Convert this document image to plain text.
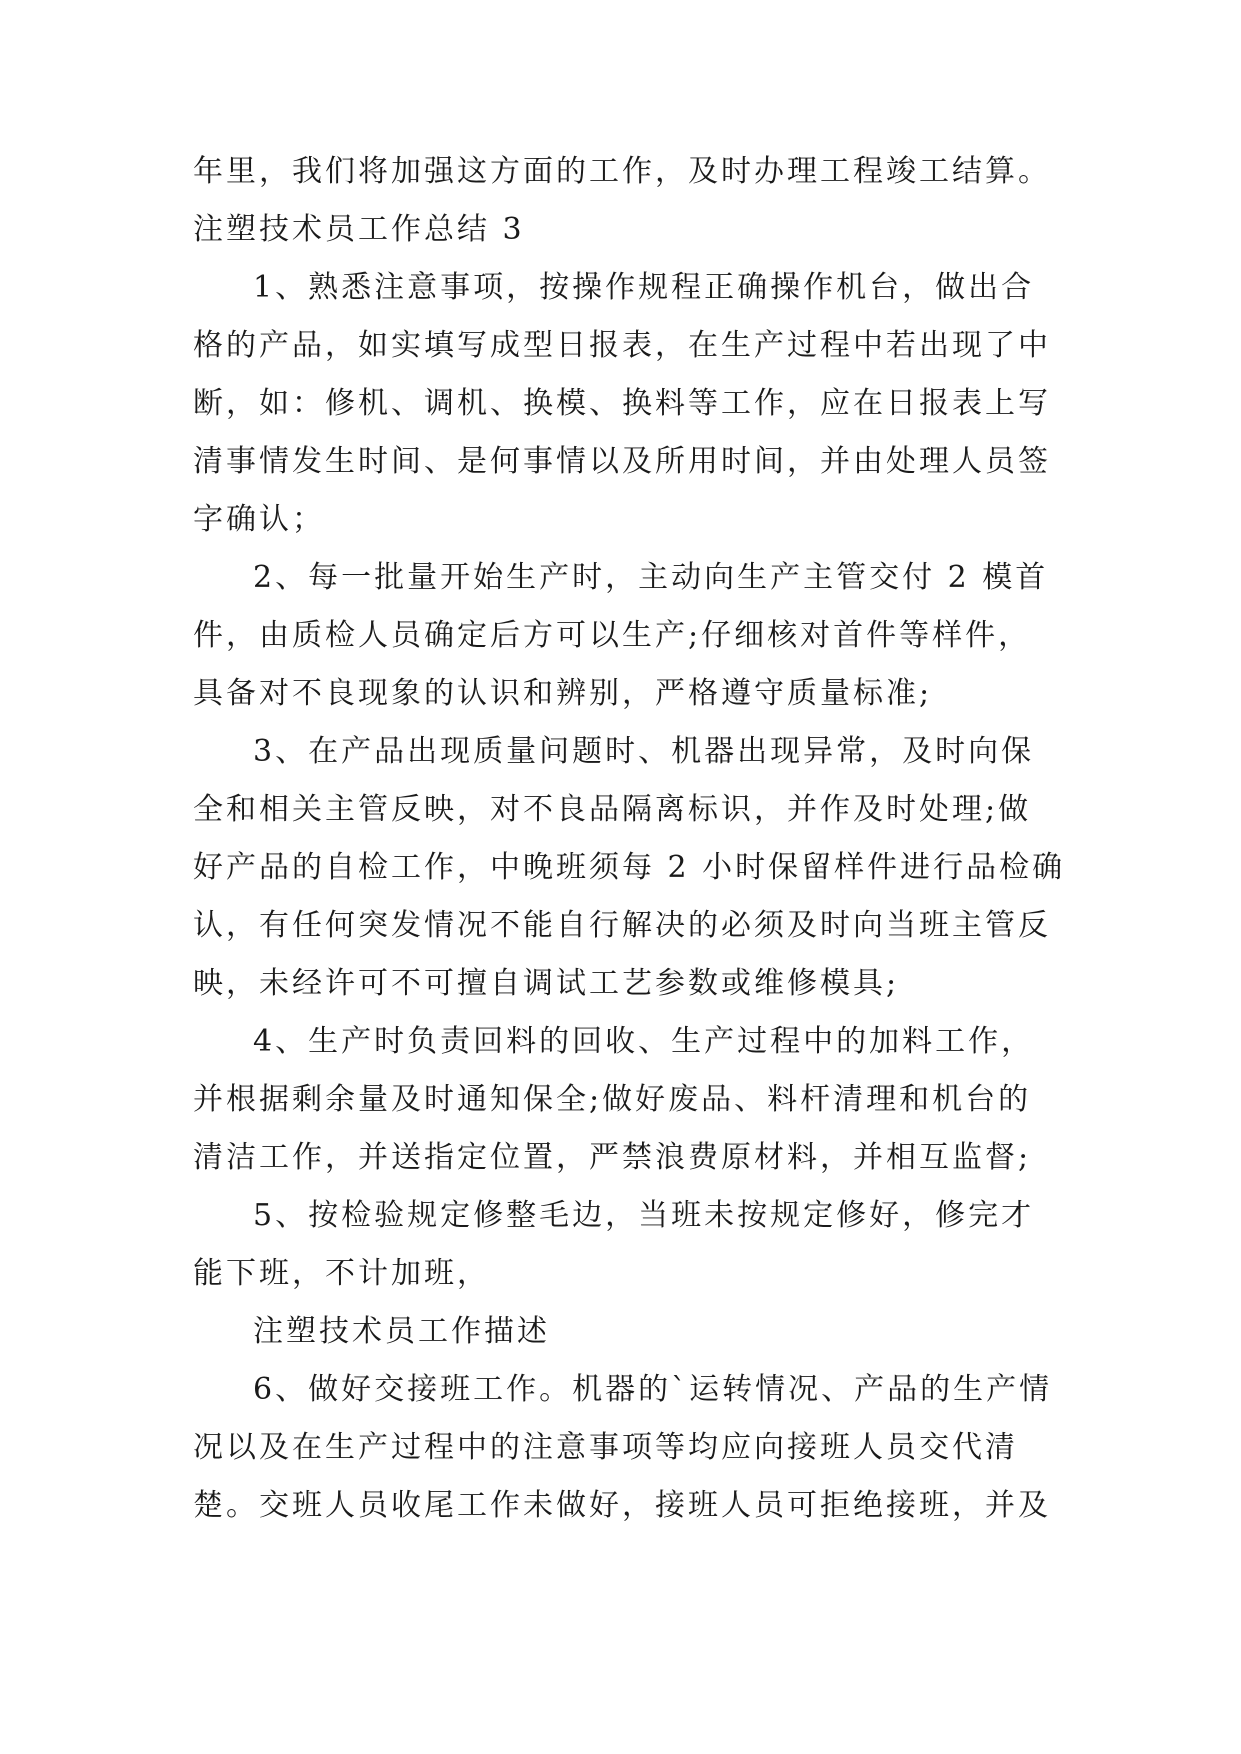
年里，我们将加强这方面的工作，及时办理工程竣工结算。
注塑技术员工作总结 3
1、熟悉注意事项，按操作规程正确操作机台，做出合
格的产品，如实填写成型日报表，在生产过程中若出现了中
断，如：修机、调机、换模、换料等工作，应在日报表上写
清事情发生时间、是何事情以及所用时间，并由处理人员签
字确认；
2、每一批量开始生产时，主动向生产主管交付 2 模首
件，由质检人员确定后方可以生产;仔细核对首件等样件，
具备对不良现象的认识和辨别，严格遵守质量标准;
3、在产品出现质量问题时、机器出现异常，及时向保
全和相关主管反映，对不良品隔离标识，并作及时处理;做
好产品的自检工作，中晚班须每 2 小时保留样件进行品检确
认，有任何突发情况不能自行解决的必须及时向当班主管反
映，未经许可不可擅自调试工艺参数或维修模具;
4、生产时负责回料的回收、生产过程中的加料工作，
并根据剩余量及时通知保全;做好废品、料杆清理和机台的
清洁工作，并送指定位置，严禁浪费原材料，并相互监督;
5、按检验规定修整毛边，当班未按规定修好，修完才
能下班，不计加班，
注塑技术员工作描述
6、做好交接班工作。机器的`运转情况、产品的生产情
况以及在生产过程中的注意事项等均应向接班人员交代清
楚。交班人员收尾工作未做好，接班人员可拒绝接班，并及
